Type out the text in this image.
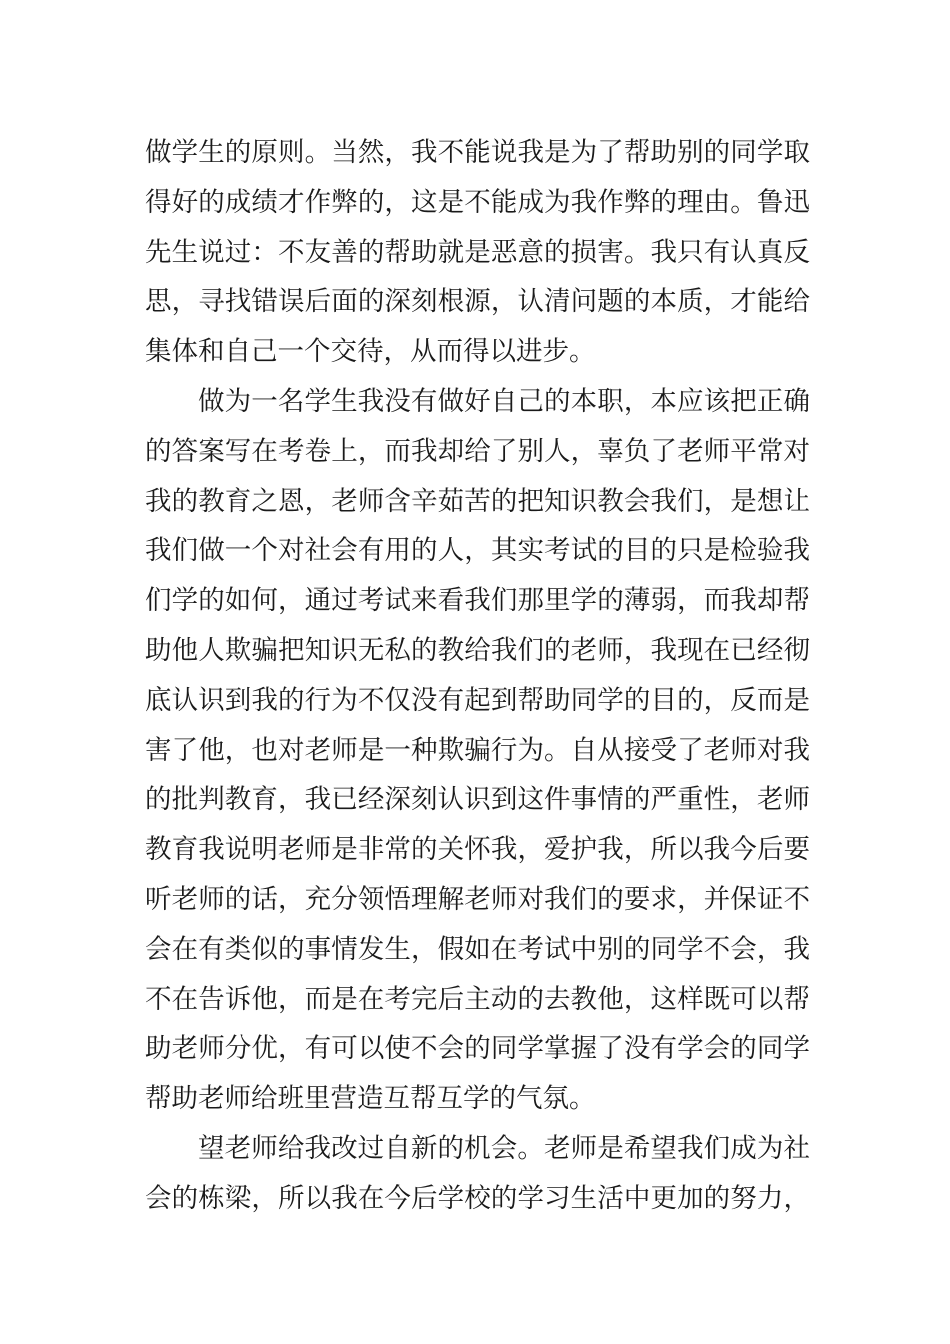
做学生的原则。当然，我不能说我是为了帮助别的同学取
得好的成绩才作弊的，这是不能成为我作弊的理由。鲁迅
先生说过：不友善的帮助就是恶意的损害。我只有认真反
思，寻找错误后面的深刻根源，认清问题的本质，才能给
集体和自己一个交待，从而得以进步。
做为一名学生我没有做好自己的本职，本应该把正确
的答案写在考卷上，而我却给了别人，辜负了老师平常对
我的教育之恩，老师含辛茹苦的把知识教会我们，是想让
我们做一个对社会有用的人，其实考试的目的只是检验我
们学的如何，通过考试来看我们那里学的薄弱，而我却帮
助他人欺骗把知识无私的教给我们的老师，我现在已经彻
底认识到我的行为不仅没有起到帮助同学的目的，反而是
害了他，也对老师是一种欺骗行为。自从接受了老师对我
的批判教育，我已经深刻认识到这件事情的严重性，老师
教育我说明老师是非常的关怀我，爱护我，所以我今后要
听老师的话，充分领悟理解老师对我们的要求，并保证不
会在有类似的事情发生，假如在考试中别的同学不会，我
不在告诉他，而是在考完后主动的去教他，这样既可以帮
助老师分优，有可以使不会的同学掌握了没有学会的同学
帮助老师给班里营造互帮互学的气氛。
望老师给我改过自新的机会。老师是希望我们成为社
会的栋梁，所以我在今后学校的学习生活中更加的努力，
